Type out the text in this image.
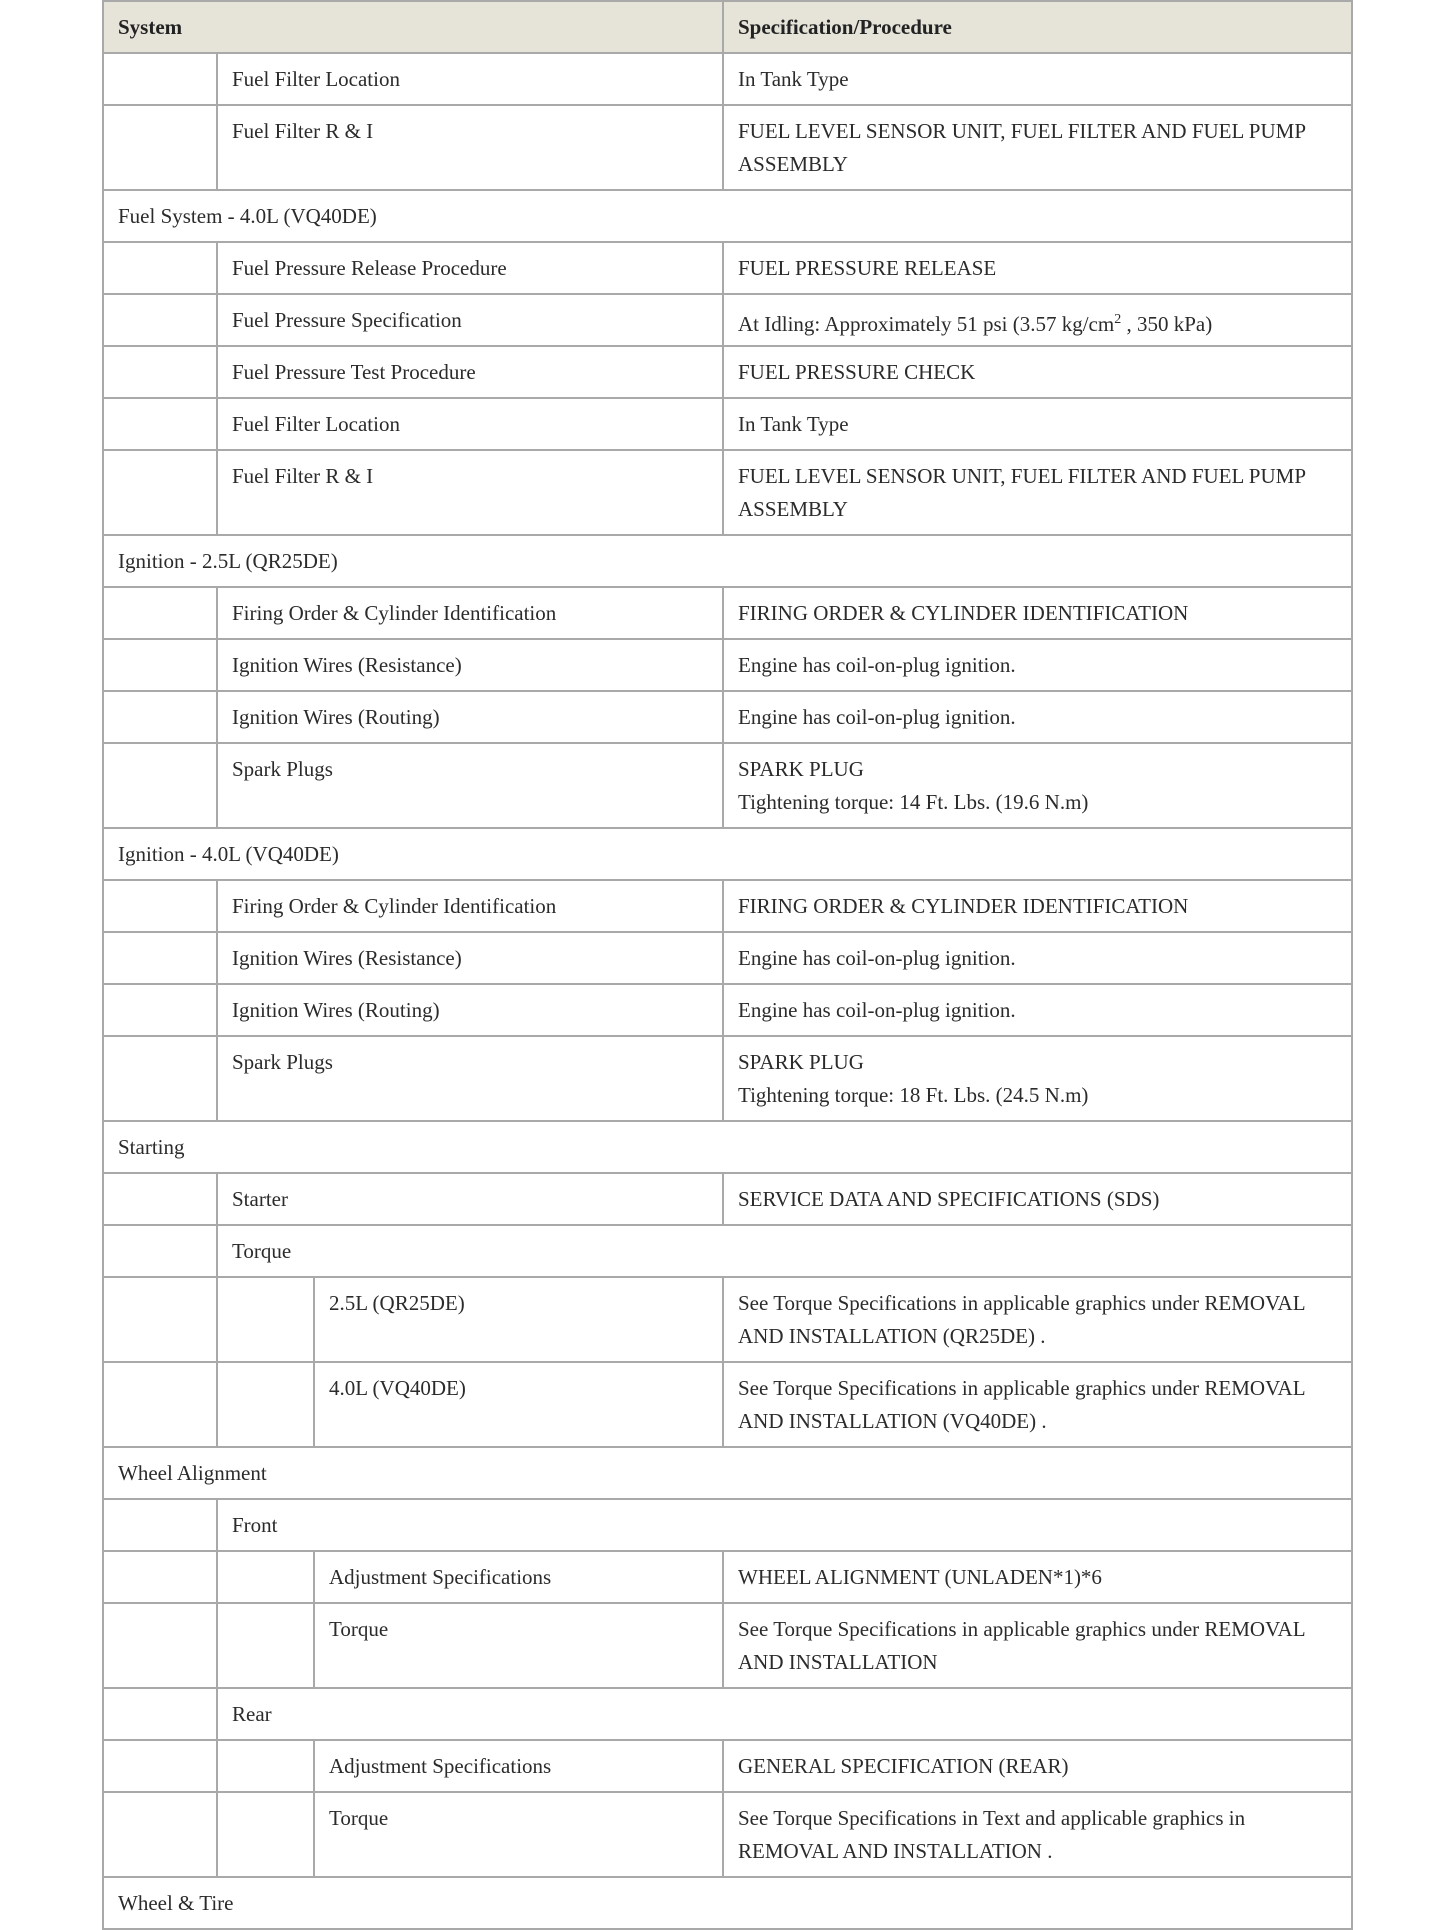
System			Specification/Procedure
	Fuel Filter Location		In Tank Type
	Fuel Filter R & I		FUEL LEVEL SENSOR UNIT, FUEL FILTER AND FUEL PUMP ASSEMBLY
Fuel System - 4.0L (VQ40DE)			
	Fuel Pressure Release Procedure		FUEL PRESSURE RELEASE
	Fuel Pressure Specification		At Idling: Approximately 51 psi (3.57 $kg/cm^2$ , 350 kPa)
	Fuel Pressure Test Procedure		FUEL PRESSURE CHECK
	Fuel Filter Location		In Tank Type
	Fuel Filter R & I		FUEL LEVEL SENSOR UNIT, FUEL FILTER AND FUEL PUMP ASSEMBLY
Ignition - 2.5L (QR25DE)			
	Firing Order & Cylinder Identification		FIRING ORDER & CYLINDER IDENTIFICATION
	Ignition Wires (Resistance)		Engine has coil-on-plug ignition.
	Ignition Wires (Routing)		Engine has coil-on-plug ignition.
	Spark Plugs		SPARK PLUG
Tightening torque: 14 Ft. Lbs. (19.6 N.m)

Ignition - 4.0L (VQ40DE)			
	Firing Order & Cylinder Identification		FIRING ORDER & CYLINDER IDENTIFICATION
	Ignition Wires (Resistance)		Engine has coil-on-plug ignition.
	Ignition Wires (Routing)		Engine has coil-on-plug ignition.
	Spark Plugs		SPARK PLUG
Tightening torque: 18 Ft. Lbs. (24.5 N.m)

Starting			
	Starter		SERVICE DATA AND SPECIFICATIONS (SDS)
	Torque		
		2.5L (QR25DE)	See Torque Specifications in applicable graphics under REMOVAL AND INSTALLATION (QR25DE) .
		4.0L (VQ40DE)	See Torque Specifications in applicable graphics under REMOVAL AND INSTALLATION (VQ40DE) .
Wheel Alignment			
	Front		
		Adjustment Specifications	WHEEL ALIGNMENT (UNLADEN*1)*6
		Torque	See Torque Specifications in applicable graphics under REMOVAL AND INSTALLATION
	Rear		
		Adjustment Specifications	GENERAL SPECIFICATION (REAR)
		Torque	See Torque Specifications in Text and applicable graphics in REMOVAL AND INSTALLATION .
Wheel & Tire			
